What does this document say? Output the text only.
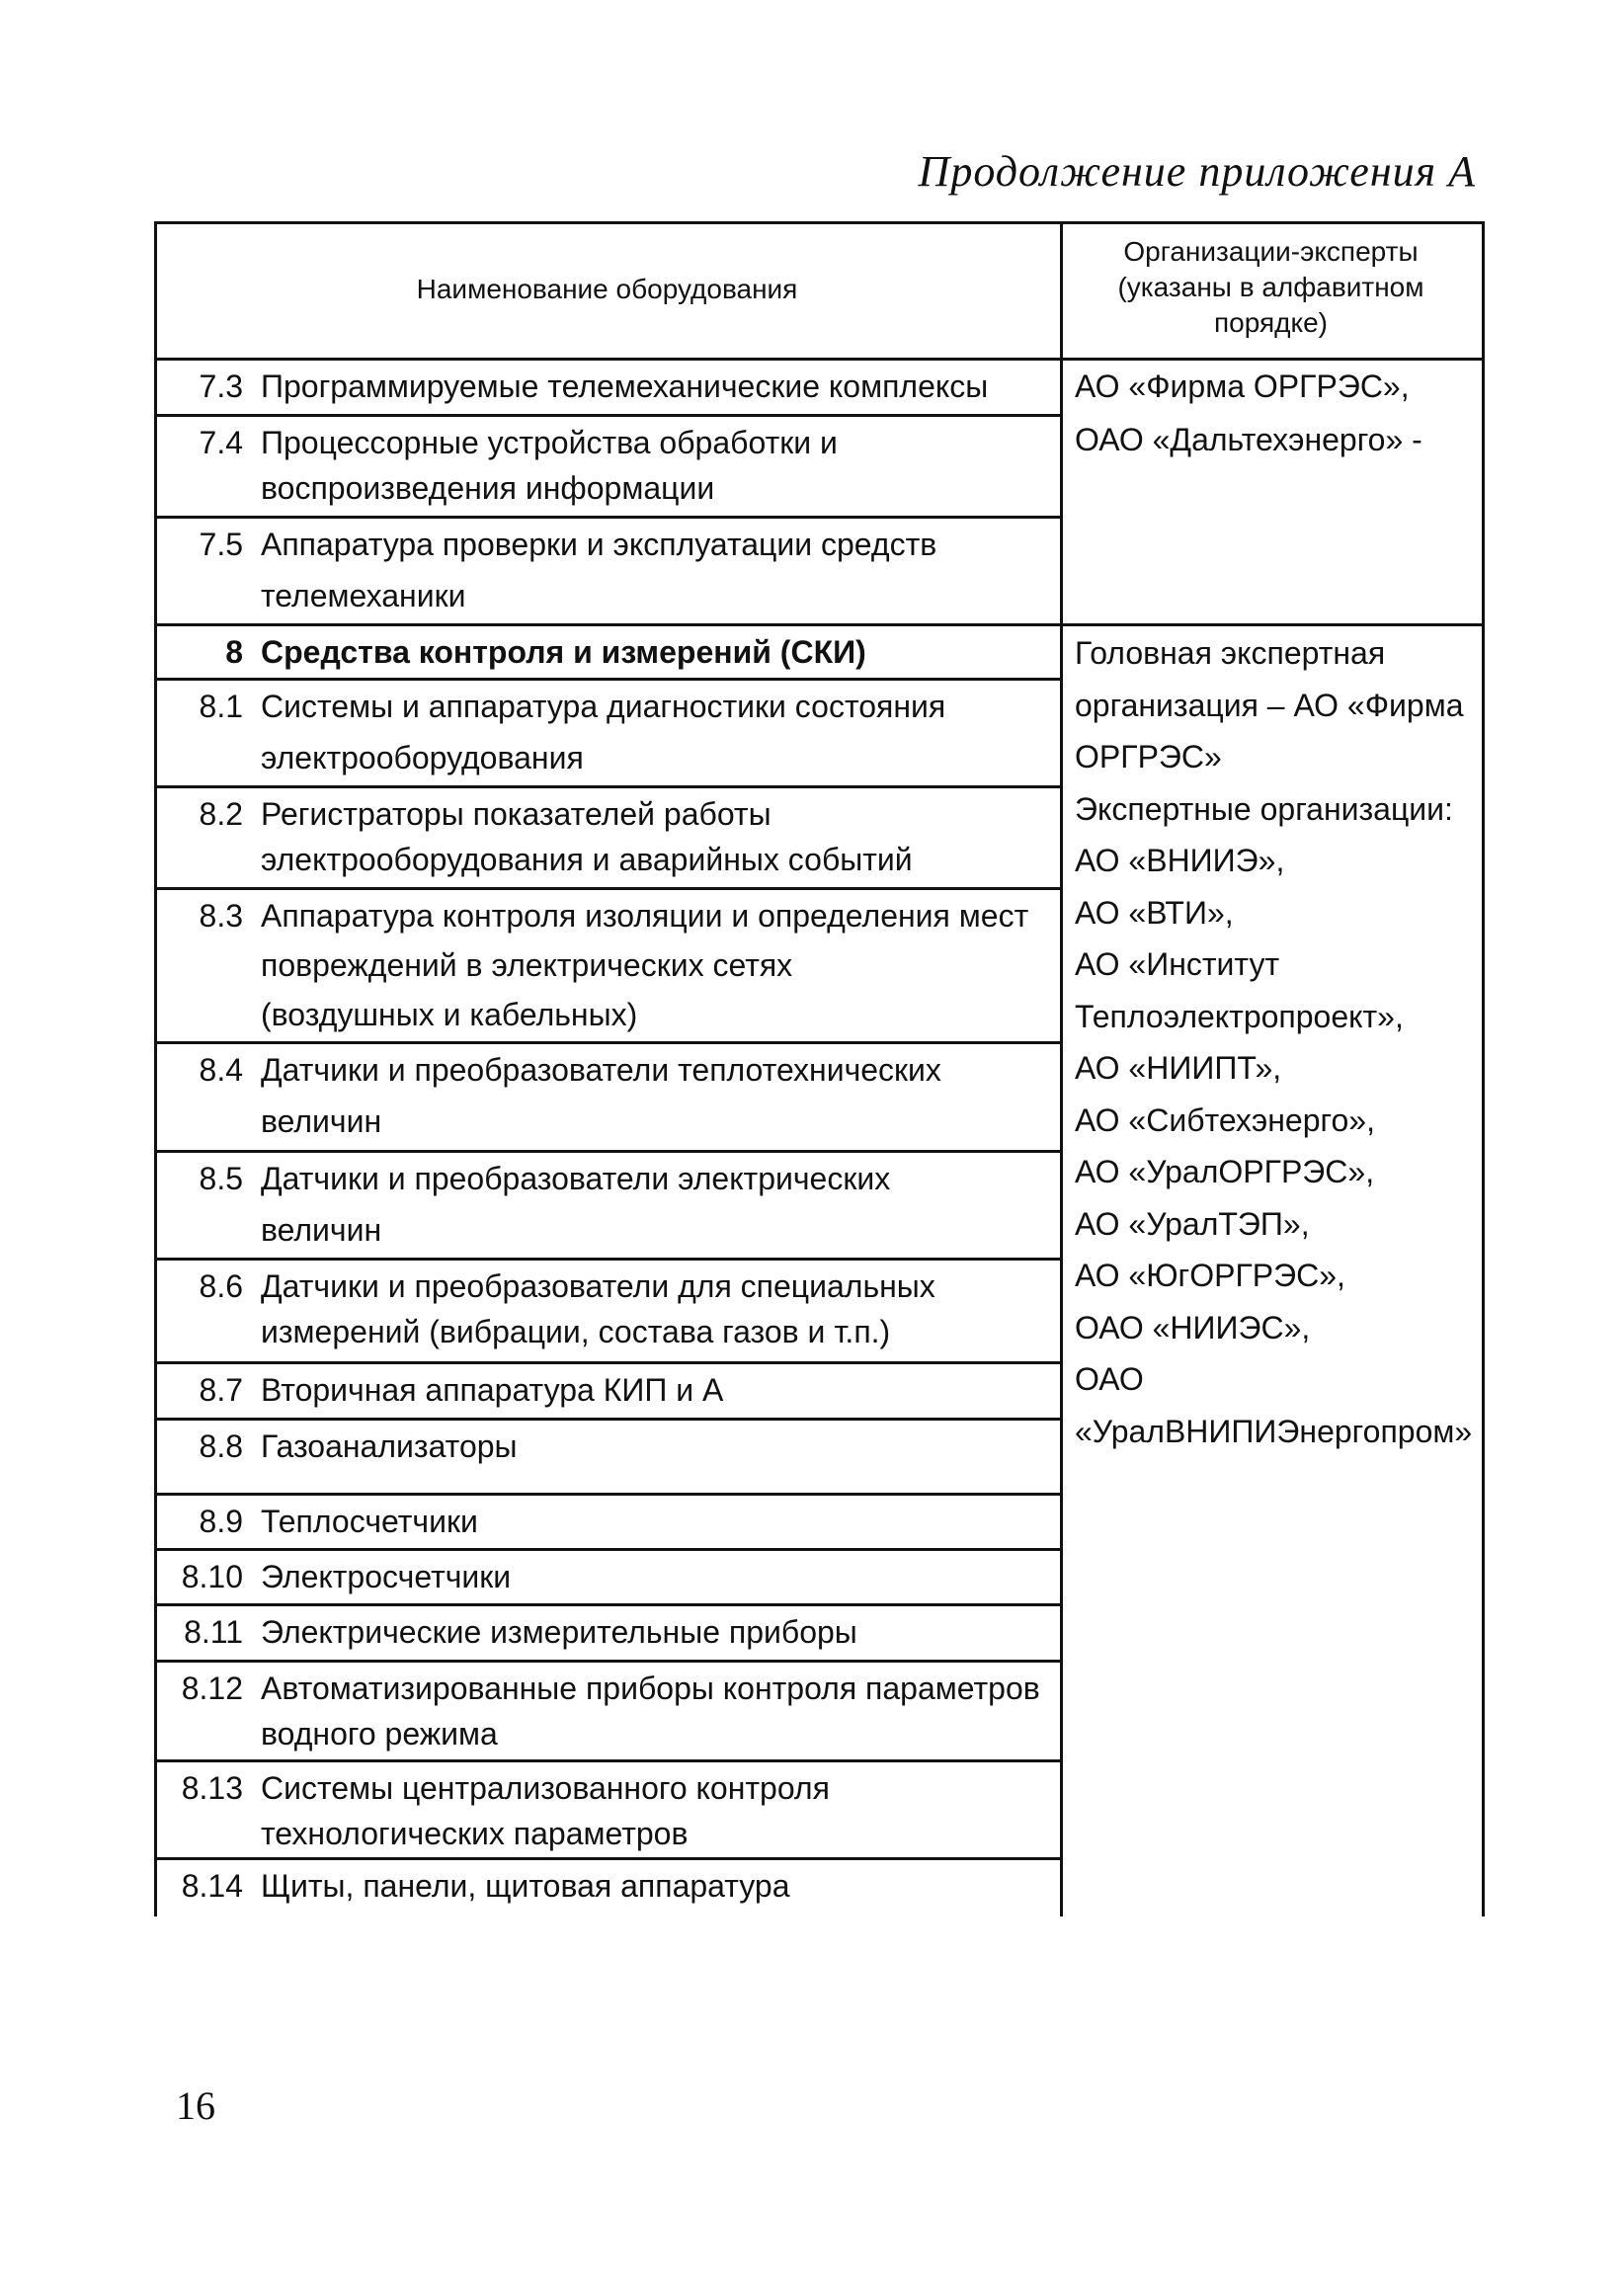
Продолжение приложения А
Наименование оборудования
Организации-эксперты
(указаны в алфавитном
порядке)
7.3 Программируемые телемеханические комплексы
7.4 Процессорные устройства обработки и
воспроизведения информации
7.5 Аппаратура проверки и эксплуатации средств
телемеханики
8 Средства контроля и измерений (СКИ)
8.1 Системы и аппаратура диагностики состояния
электрооборудования
8.2 Регистраторы показателей работы
электрооборудования и аварийных событий
8.3 Аппаратура контроля изоляции и определения мест
повреждений в электрических сетях
(воздушных и кабельных)
8.4 Датчики и преобразователи теплотехнических
величин
8.5 Датчики и преобразователи электрических
величин
8.6 Датчики и преобразователи для специальных
измерений (вибрации, состава газов и т.п.)
8.7 Вторичная аппаратура КИП и А
8.8 Газоанализаторы
8.9 Теплосчетчики
8.10 Электросчетчики
8.11 Электрические измерительные приборы
8.12 Автоматизированные приборы контроля параметров
водного режима
8.13 Системы централизованного контроля
технологических параметров
8.14 Щиты, панели, щитовая аппаратура
АО «Фирма ОРГРЭС»,
ОАО «Дальтехэнерго» -
Головная экспертная
организация – АО «Фирма
ОРГРЭС»
Экспертные организации:
АО «ВНИИЭ»,
АО «ВТИ»,
АО «Институт
Теплоэлектропроект»,
АО «НИИПТ»,
АО «Сибтехэнерго»,
АО «УралОРГРЭС»,
АО «УралТЭП»,
АО «ЮгОРГРЭС»,
ОАО «НИИЭС»,
ОАО
«УралВНИПИЭнергопром»
16
